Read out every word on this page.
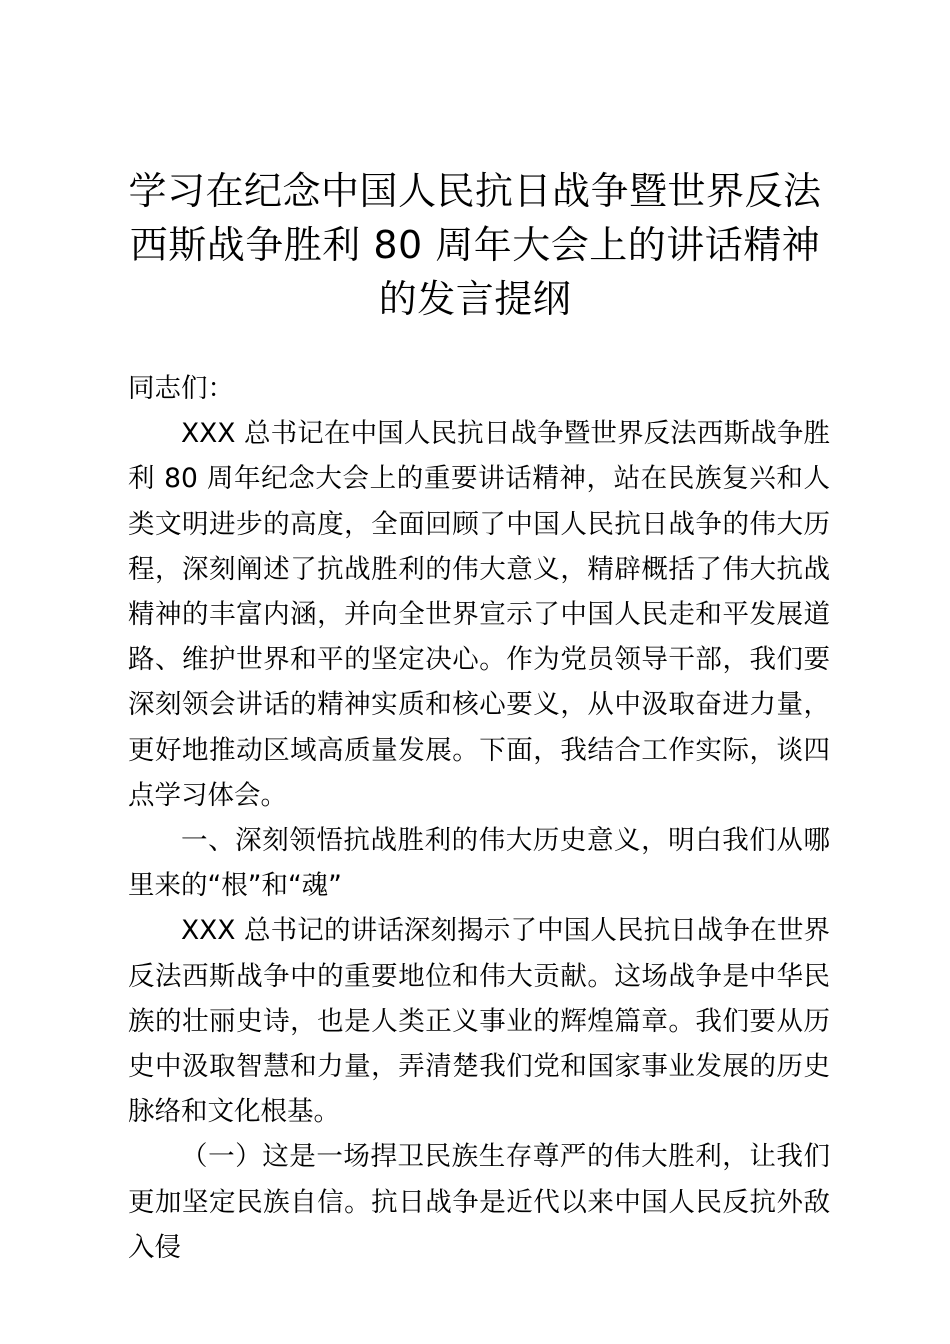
学习在纪念中国人民抗日战争暨世界反法西斯战争胜利 80 周年大会上的讲话精神的发言提纲

同志们：

XXX 总书记在中国人民抗日战争暨世界反法西斯战争胜利 80 周年纪念大会上的重要讲话精神，站在民族复兴和人类文明进步的高度，全面回顾了中国人民抗日战争的伟大历程，深刻阐述了抗战胜利的伟大意义，精辟概括了伟大抗战精神的丰富内涵，并向全世界宣示了中国人民走和平发展道路、维护世界和平的坚定决心。作为党员领导干部，我们要深刻领会讲话的精神实质和核心要义，从中汲取奋进力量，更好地推动区域高质量发展。下面，我结合工作实际，谈四点学习体会。

一、深刻领悟抗战胜利的伟大历史意义，明白我们从哪里来的“根”和“魂”

XXX 总书记的讲话深刻揭示了中国人民抗日战争在世界反法西斯战争中的重要地位和伟大贡献。这场战争是中华民族的壮丽史诗，也是人类正义事业的辉煌篇章。我们要从历史中汲取智慧和力量，弄清楚我们党和国家事业发展的历史脉络和文化根基。

（一）这是一场捍卫民族生存尊严的伟大胜利，让我们更加坚定民族自信。抗日战争是近代以来中国人民反抗外敌入侵
